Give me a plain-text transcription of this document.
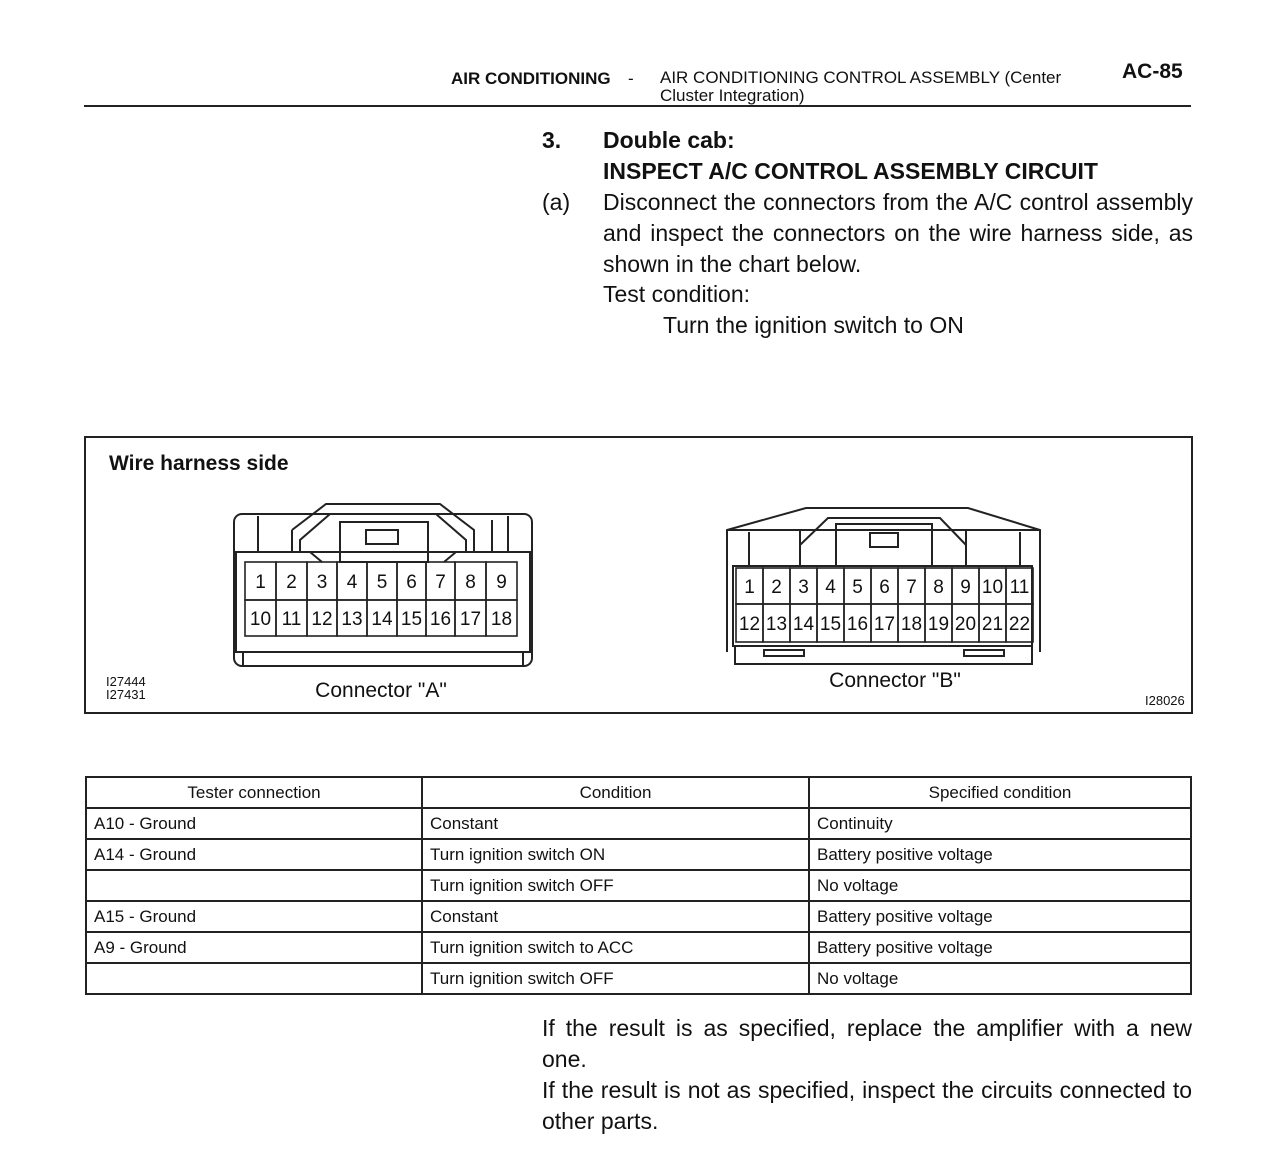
AIR CONDITIONING - AIR CONDITIONING CONTROL ASSEMBLY (Center Cluster Integration)
AC-85
3. Double cab:
INSPECT A/C CONTROL ASSEMBLY CIRCUIT
(a) Disconnect the connectors from the A/C control assembly and inspect the connectors on the wire harness side, as shown in the chart below.
Test condition:
Turn the ignition switch to ON
Wire harness side
I27444
I27431	I28026
1 2 3 4 5 6 7 8 9
10 11 12 13 14 15 16 17 18
1 2 3 4 5 6 7 8 9 10 11
12 13 14 15 16 17 18 19 20 21 22
Connector "A"	Connector "B"
Tester connection	Condition	Specified condition
A10 - Ground	Constant	Continuity
A14 - Ground	Turn ignition switch ON	Battery positive voltage
	Turn ignition switch OFF	No voltage
A15 - Ground	Constant	Battery positive voltage
A9 - Ground	Turn ignition switch to ACC	Battery positive voltage
	Turn ignition switch OFF	No voltage
If the result is as specified, replace the amplifier with a new one.
If the result is not as specified, inspect the circuits connected to other parts.
